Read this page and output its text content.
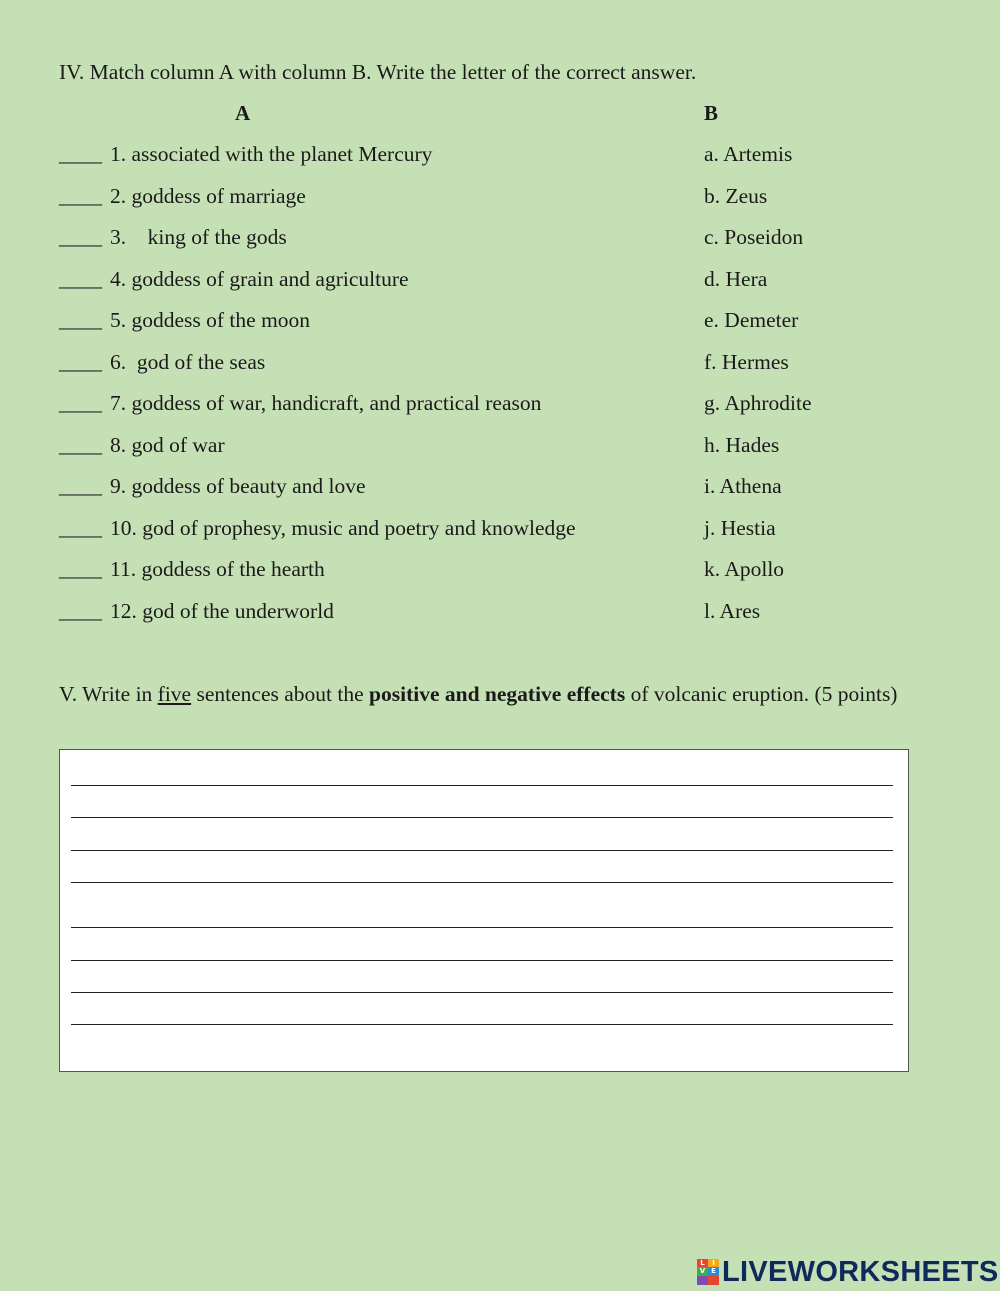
IV. Match column A with column B. Write the letter of the correct answer.
A	B
____ 1. associated with the planet Mercury	a. Artemis
____ 2. goddess of marriage	b. Zeus
____ 3.    king of the gods	c. Poseidon
____ 4. goddess of grain and agriculture	d. Hera
____ 5. goddess of the moon	e. Demeter
____ 6.  god of the seas	f. Hermes
____ 7. goddess of war, handicraft, and practical reason	g. Aphrodite
____ 8. god of war	h. Hades
____ 9. goddess of beauty and love	i. Athena
____ 10. god of prophesy, music and poetry and knowledge	j. Hestia
____ 11. goddess of the hearth	k. Apollo
____ 12. god of the underworld	l. Ares
V. Write in five sentences about the positive and negative effects of volcanic eruption. (5 points)
L	I
V E LIVEWORKSHEETS
